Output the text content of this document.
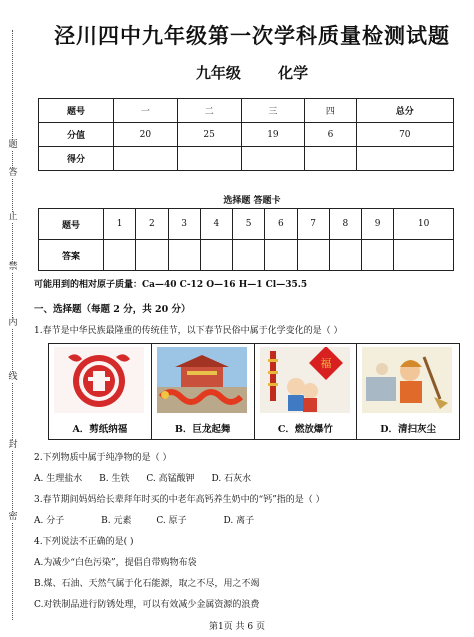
题
答
止
禁
内
线
封
密
泾川四中九年级第一次学科质量检测试题
九年级 化学
题号	一	二	三	四	总分
分值	20	25	19	6	70
得分					
选择题 答题卡
题号	1	2	3	4	5	6	7	8	9	10
答案										
可能用到的相对原子质量：Ca—40 C-12 O—16 H—1 Cl—35.5
一、选择题（每题 2 分，共 20 分）
1.春节是中华民族最隆重的传统佳节，以下春节民俗中属于化学变化的是（ ）
A．剪纸纳福	B．巨龙起舞
福
C．燃放爆竹	D．清扫灰尘
2.下列物质中属于纯净物的是（ ）
A. 生理盐水 B. 生铁 C. 高锰酸钾 D. 石灰水
3.春节期间妈妈给长辈拜年时买的中老年高钙养生奶中的“钙”指的是（ ）
A. 分子	B. 元素	C. 原子	D. 离子
4.下列说法不正确的是( )
A.为减少“白色污染”，提倡自带购物布袋
B.煤、石油、天然气属于化石能源，取之不尽，用之不竭
C.对铁制品进行防锈处理，可以有效减少金属资源的浪费
第1页 共 6 页
